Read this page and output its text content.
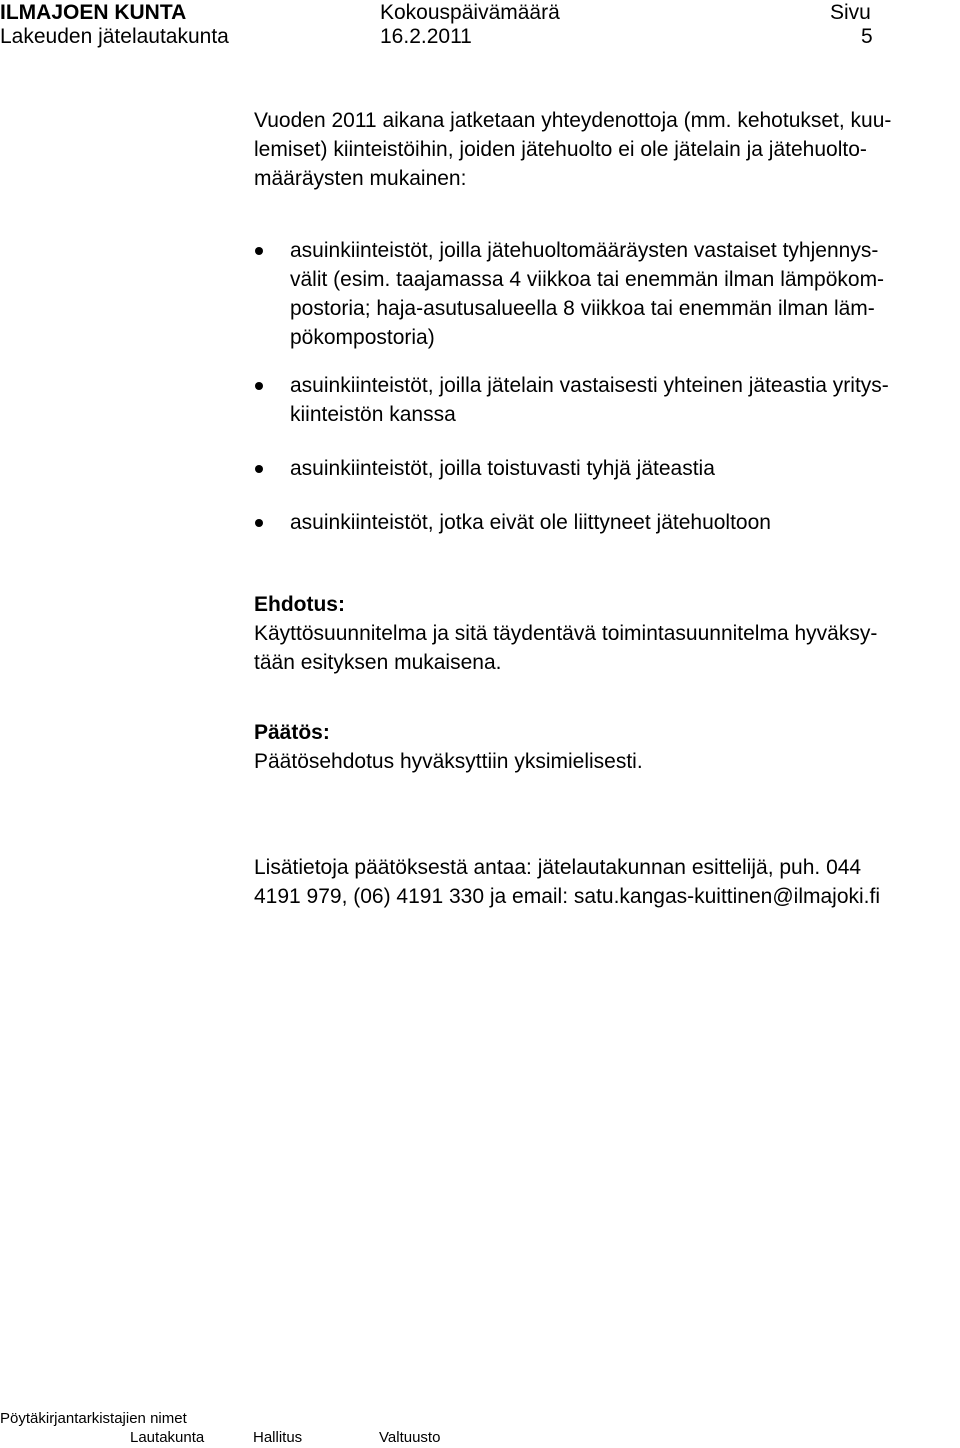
ILMAJOEN KUNTA
Lakeuden jätelautakunta
Kokouspäivämäärä
16.2.2011
Sivu
5
Vuoden 2011 aikana jatketaan yhteydenottoja (mm. kehotukset, kuu-
lemiset) kiinteistöihin, joiden jätehuolto ei ole jätelain ja jätehuolto-
määräysten mukainen:
asuinkiinteistöt, joilla jätehuoltomääräysten vastaiset tyhjennys-
välit (esim. taajamassa 4 viikkoa tai enemmän ilman lämpökom-
postoria; haja-asutusalueella 8 viikkoa tai enemmän ilman läm-
pökompostoria)
asuinkiinteistöt, joilla jätelain vastaisesti yhteinen jäteastia yritys-
kiinteistön kanssa
asuinkiinteistöt, joilla toistuvasti tyhjä jäteastia
asuinkiinteistöt, jotka eivät ole liittyneet jätehuoltoon
Ehdotus:
Käyttösuunnitelma ja sitä täydentävä toimintasuunnitelma hyväksy-
tään esityksen mukaisena.
Päätös:
Päätösehdotus hyväksyttiin yksimielisesti.
Lisätietoja päätöksestä antaa: jätelautakunnan esittelijä, puh. 044
4191 979, (06) 4191 330 ja email: satu.kangas-kuittinen@ilmajoki.fi
Pöytäkirjantarkistajien nimet
Lautakunta	Hallitus	Valtuusto
